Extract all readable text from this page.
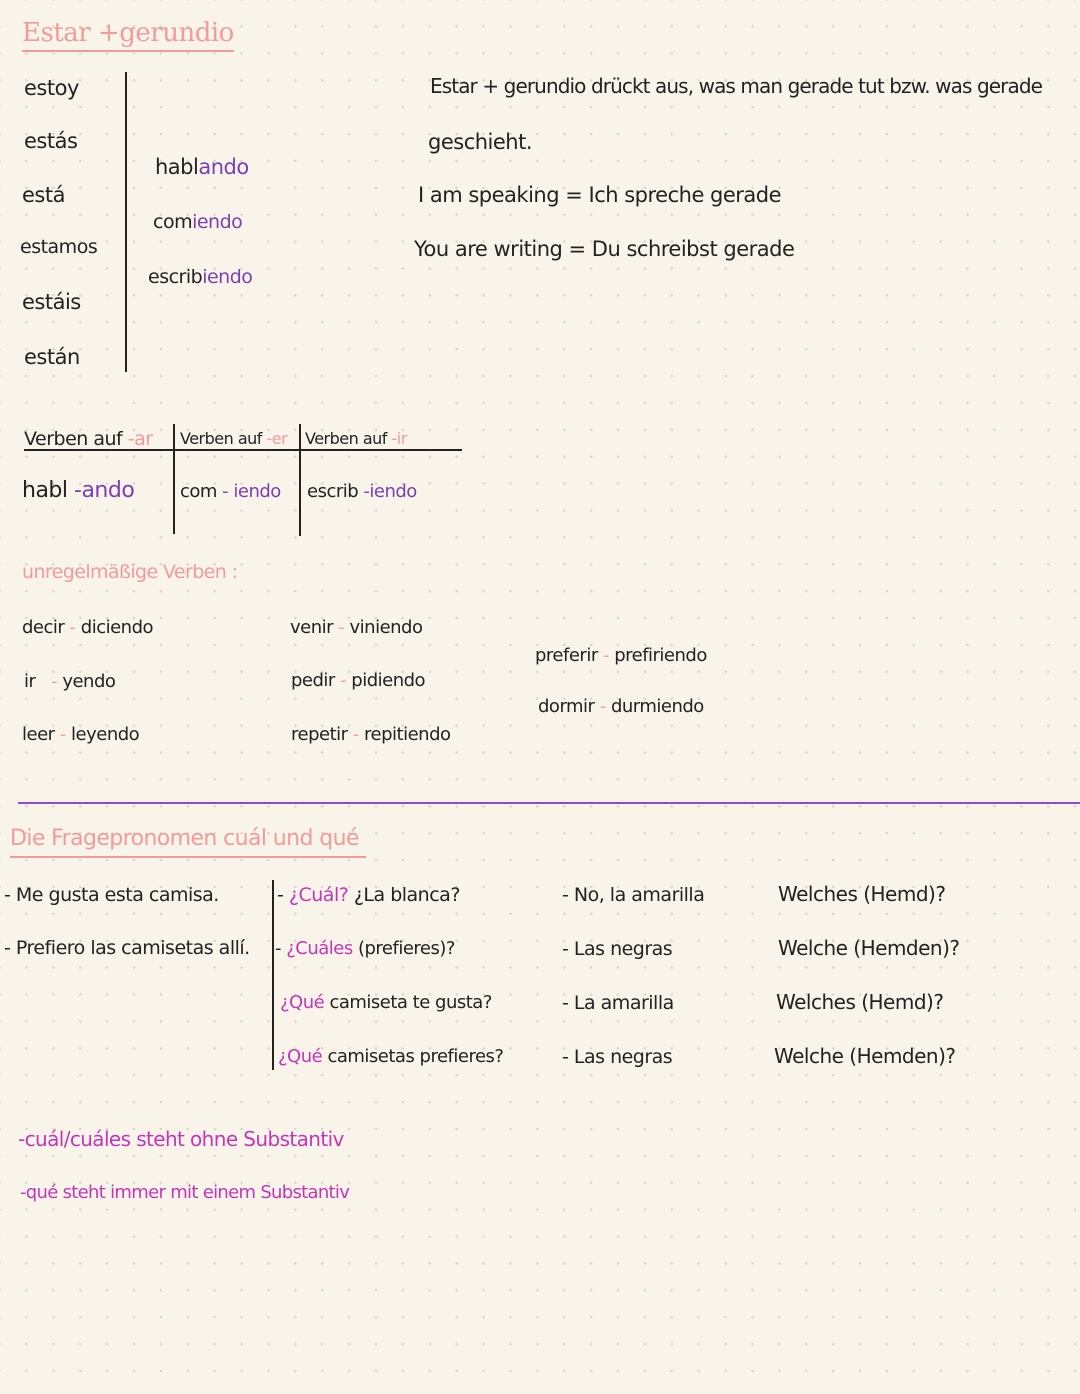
Estar +gerundio
estoy
estás
está
estamos
estáis
están
hablando
comiendo
escribiendo
Estar + gerundio drückt aus, was man gerade tut bzw. was gerade
geschieht.
I am speaking = Ich spreche gerade
You are writing = Du schreibst gerade
Verben auf -ar Verben auf -er Verben auf -ir
habl -ando	com - iendo escrib -iendo
unregelmäßige Verben :
decir - diciendo
ir - yendo
leer - leyendo
venir - viniendo
pedir - pidiendo
repetir - repitiendo
preferir - prefiriendo
dormir - durmiendo
Die Fragepronomen cuál und qué
- Me gusta esta camisa.
- Prefiero las camisetas allí.
- ¿Cuál? ¿La blanca?
- ¿Cuáles (prefieres)?
¿Qué camiseta te gusta?
¿Qué camisetas prefieres?
- No, la amarilla
- Las negras
- La amarilla
- Las negras
Welches (Hemd)?
Welche (Hemden)?
Welches (Hemd)?
Welche (Hemden)?
-cuál/cuáles steht ohne Substantiv
-qué steht immer mit einem Substantiv
